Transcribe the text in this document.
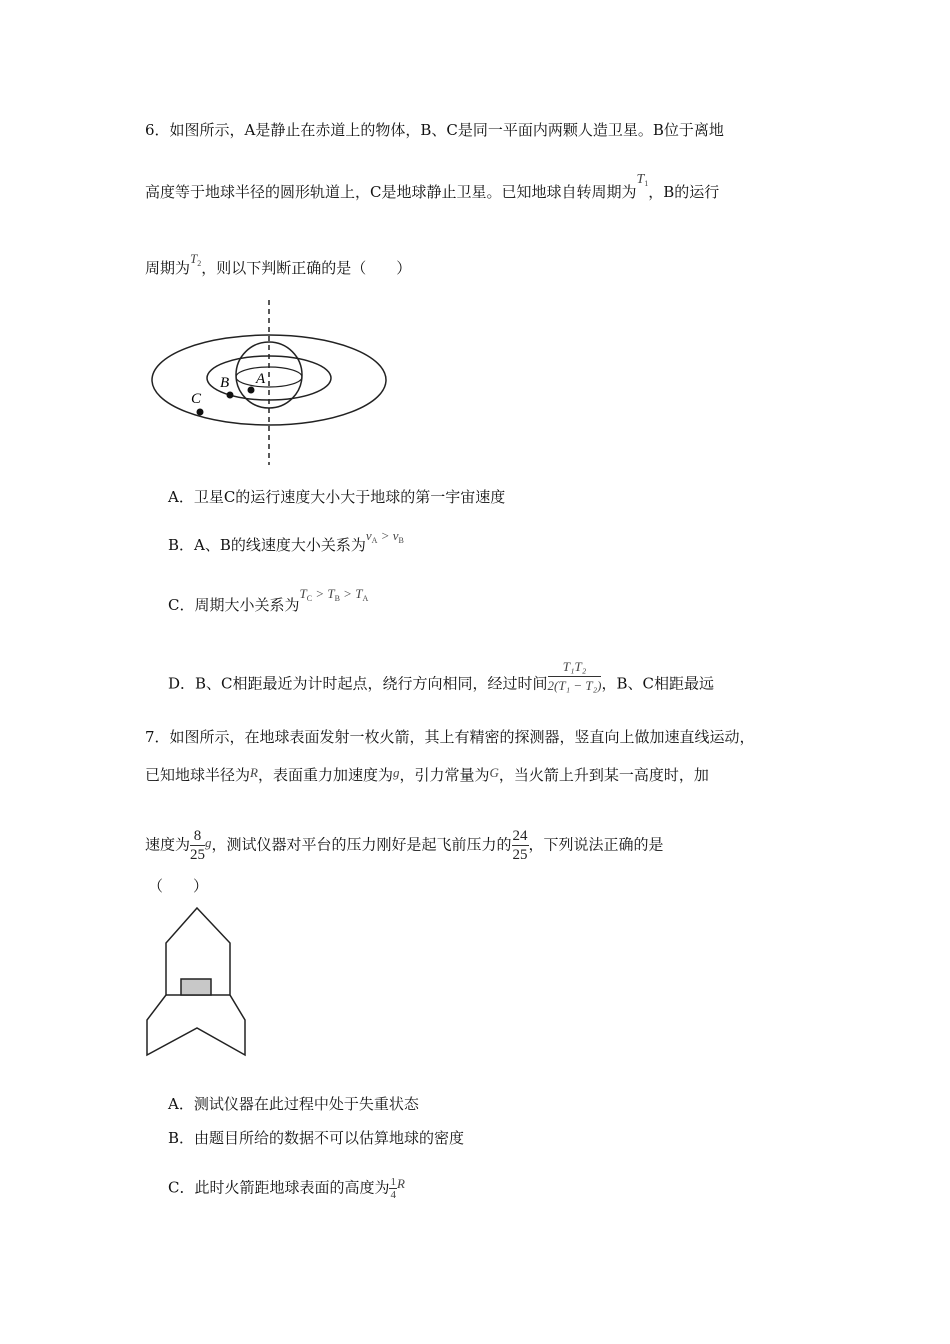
6．如图所示，A是静止在赤道上的物体，B、C是同一平面内两颗人造卫星。B位于离地
高度等于地球半径的圆形轨道上，C是地球静止卫星。已知地球自转周期为$T_1$，B的运行
周期为$T_2$，则以下判断正确的是（　　）
A
B
C
A．卫星C的运行速度大小大于地球的第一宇宙速度
B．A、B的线速度大小关系为$v_A > v_B$
C．周期大小关系为$T_C > T_B > T_A$
D．B、C相距最近为计时起点，绕行方向相同，经过时间 $\frac{\text{T₁T₂}}{\text{2(T₁ − T₂)}}$ ，B、C相距最远
7．如图所示，在地球表面发射一枚火箭，其上有精密的探测器，竖直向上做加速直线运动，
已知地球半径为R，表面重力加速度为g，引力常量为G，当火箭上升到某一高度时，加
速度为 $\frac{8}{25}$ g，测试仪器对平台的压力刚好是起飞前压力的 $\frac{24}{25}$ ，下列说法正确的是
（　　）
A．测试仪器在此过程中处于失重状态
B．由题目所给的数据不可以估算地球的密度
C．此时火箭距地球表面的高度为 $\frac{1}{4}$ R
